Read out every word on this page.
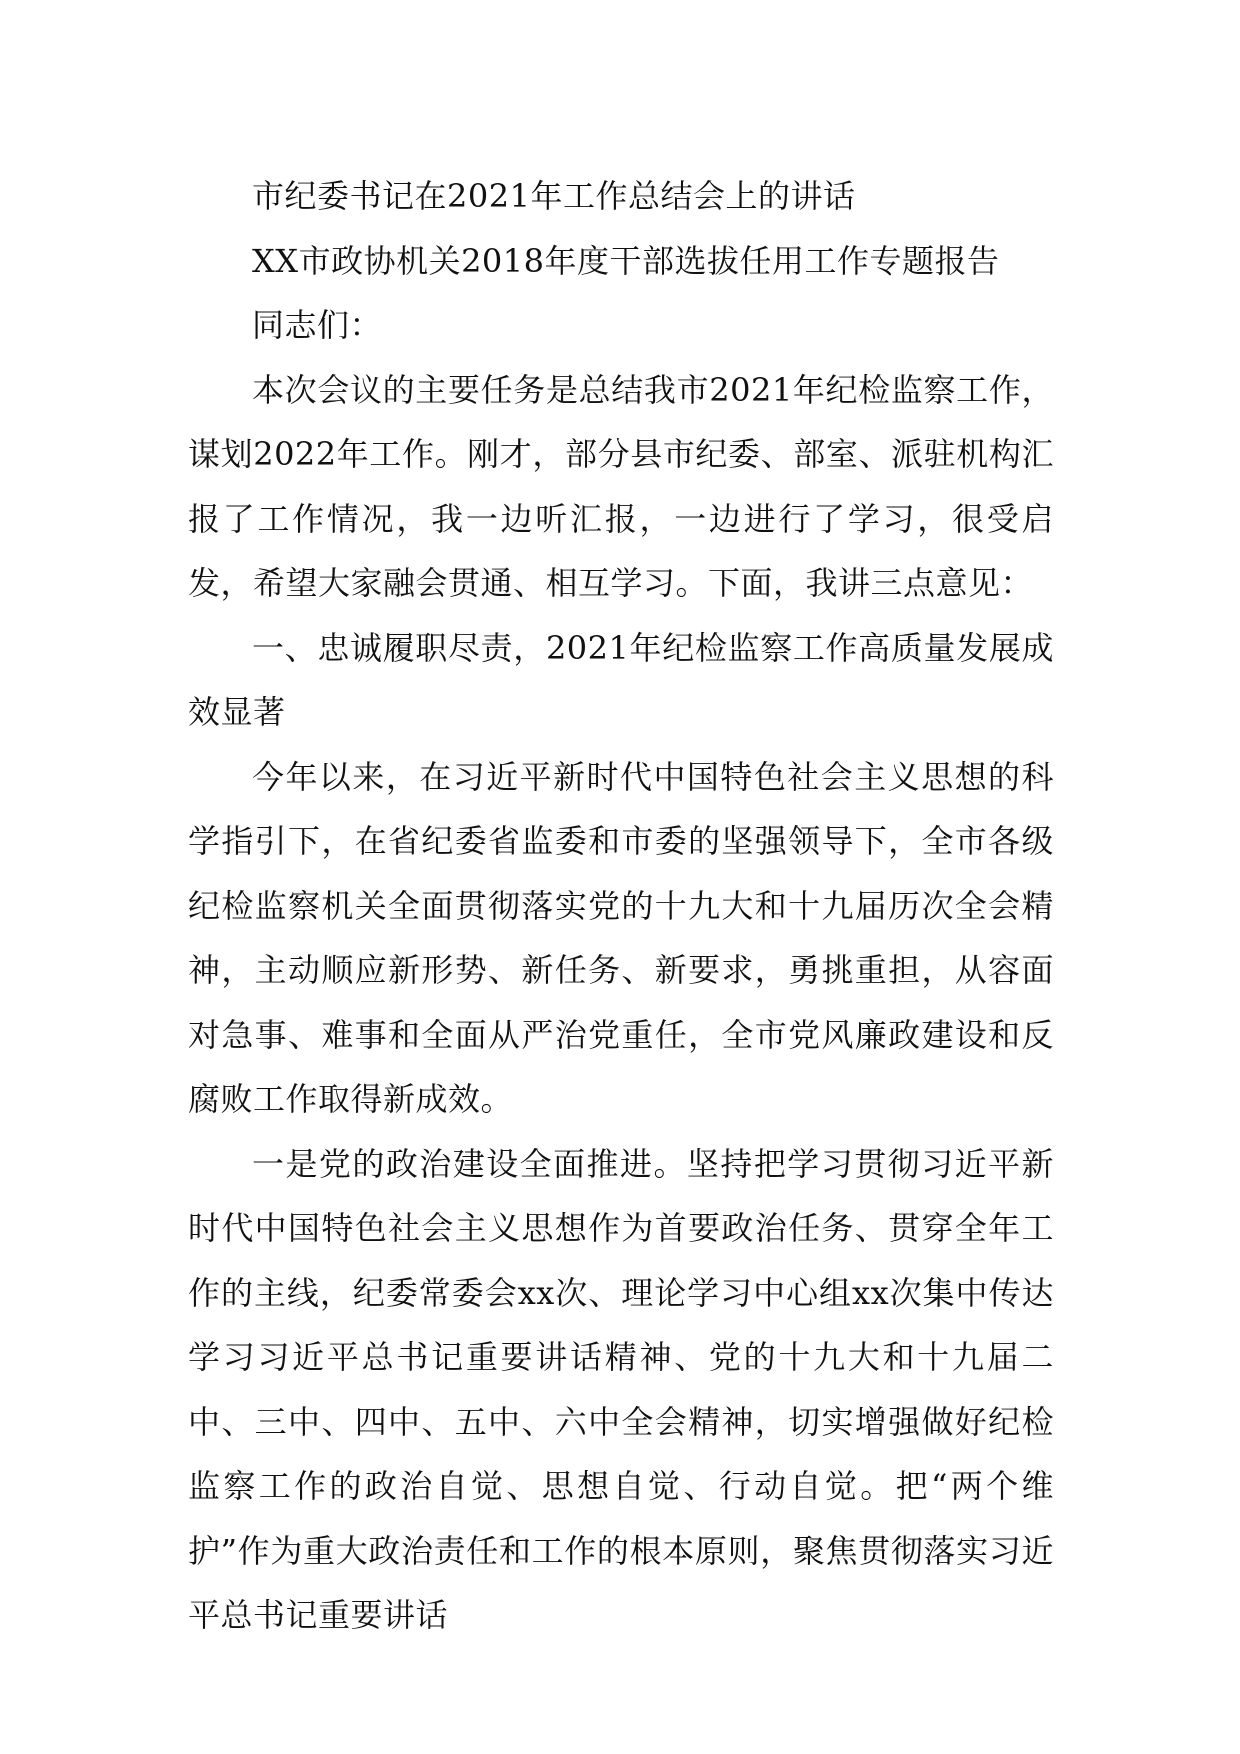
市纪委书记在2021年工作总结会上的讲话

XX市政协机关2018年度干部选拔任用工作专题报告

同志们：

本次会议的主要任务是总结我市2021年纪检监察工作，谋划2022年工作。刚才，部分县市纪委、部室、派驻机构汇报了工作情况，我一边听汇报，一边进行了学习，很受启发，希望大家融会贯通、相互学习。下面，我讲三点意见：

一、忠诚履职尽责，2021年纪检监察工作高质量发展成效显著

今年以来，在习近平新时代中国特色社会主义思想的科学指引下，在省纪委省监委和市委的坚强领导下，全市各级纪检监察机关全面贯彻落实党的十九大和十九届历次全会精神，主动顺应新形势、新任务、新要求，勇挑重担，从容面对急事、难事和全面从严治党重任，全市党风廉政建设和反腐败工作取得新成效。

一是党的政治建设全面推进。坚持把学习贯彻习近平新时代中国特色社会主义思想作为首要政治任务、贯穿全年工作的主线，纪委常委会xx次、理论学习中心组xx次集中传达学习习近平总书记重要讲话精神、党的十九大和十九届二中、三中、四中、五中、六中全会精神，切实增强做好纪检监察工作的政治自觉、思想自觉、行动自觉。把“两个维护”作为重大政治责任和工作的根本原则，聚焦贯彻落实习近平总书记重要讲话
